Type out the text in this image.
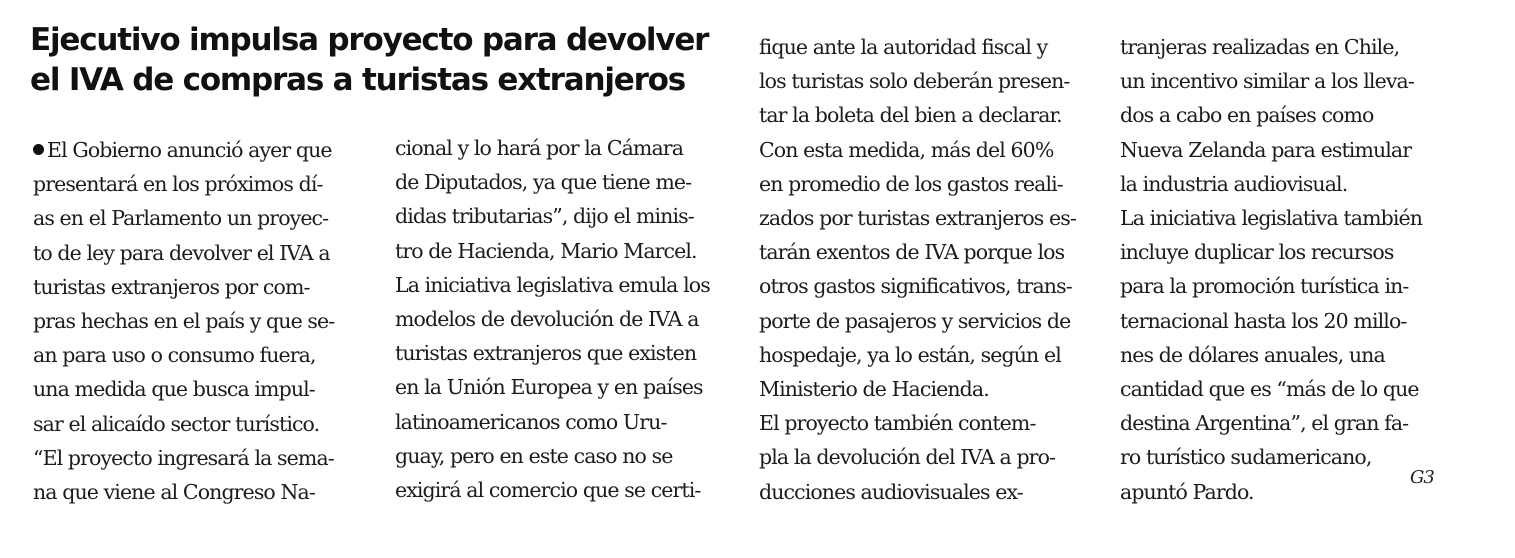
Ejecutivo impulsa proyecto para devolver
el IVA de compras a turistas extranjeros
El Gobierno anunció ayer que
presentará en los próximos dí-
as en el Parlamento un proyec-
to de ley para devolver el IVA a
turistas extranjeros por com-
pras hechas en el país y que se-
an para uso o consumo fuera,
una medida que busca impul-
sar el alicaído sector turístico.
“El proyecto ingresará la sema-
na que viene al Congreso Na-
cional y lo hará por la Cámara
de Diputados, ya que tiene me-
didas tributarias”, dijo el minis-
tro de Hacienda, Mario Marcel.
La iniciativa legislativa emula los
modelos de devolución de IVA a
turistas extranjeros que existen
en la Unión Europea y en países
latinoamericanos como Uru-
guay, pero en este caso no se
exigirá al comercio que se certi-
fique ante la autoridad fiscal y
los turistas solo deberán presen-
tar la boleta del bien a declarar.
Con esta medida, más del 60%
en promedio de los gastos reali-
zados por turistas extranjeros es-
tarán exentos de IVA porque los
otros gastos significativos, trans-
porte de pasajeros y servicios de
hospedaje, ya lo están, según el
Ministerio de Hacienda.
El proyecto también contem-
pla la devolución del IVA a pro-
ducciones audiovisuales ex-
tranjeras realizadas en Chile,
un incentivo similar a los lleva-
dos a cabo en países como
Nueva Zelanda para estimular
la industria audiovisual.
La iniciativa legislativa también
incluye duplicar los recursos
para la promoción turística in-
ternacional hasta los 20 millo-
nes de dólares anuales, una
cantidad que es “más de lo que
destina Argentina”, el gran fa-
ro turístico sudamericano,
apuntó Pardo.
G3
